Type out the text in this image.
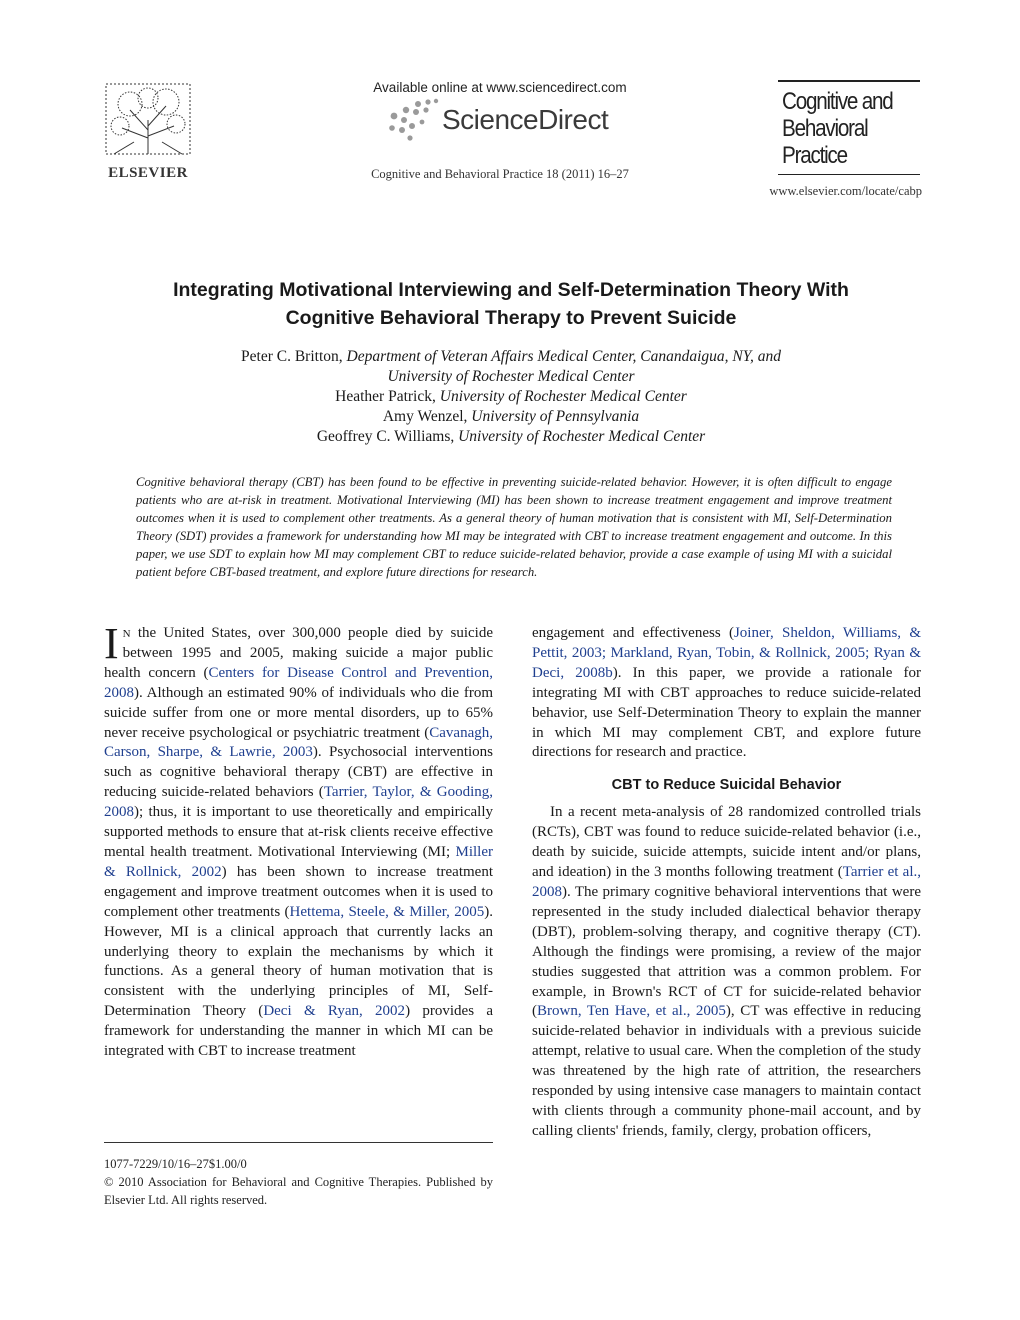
ELSEVIER
Available online at www.sciencedirect.com
ScienceDirect
Cognitive and Behavioral Practice 18 (2011) 16–27
Cognitive and
Behavioral
Practice
www.elsevier.com/locate/cabp
Integrating Motivational Interviewing and Self-Determination Theory With
Cognitive Behavioral Therapy to Prevent Suicide
Peter C. Britton, Department of Veteran Affairs Medical Center, Canandaigua, NY, and
University of Rochester Medical Center
Heather Patrick, University of Rochester Medical Center
Amy Wenzel, University of Pennsylvania
Geoffrey C. Williams, University of Rochester Medical Center
Cognitive behavioral therapy (CBT) has been found to be effective in preventing suicide-related behavior. However, it is often difficult to engage patients who are at-risk in treatment. Motivational Interviewing (MI) has been shown to increase treatment engagement and improve treatment outcomes when it is used to complement other treatments. As a general theory of human motivation that is consistent with MI, Self-Determination Theory (SDT) provides a framework for understanding how MI may be integrated with CBT to increase treatment engagement and outcome. In this paper, we use SDT to explain how MI may complement CBT to reduce suicide-related behavior, provide a case example of using MI with a suicidal patient before CBT-based treatment, and explore future directions for research.

In the United States, over 300,000 people died by suicide between 1995 and 2005, making suicide a major public health concern (Centers for Disease Control and Prevention, 2008). Although an estimated 90% of individuals who die from suicide suffer from one or more mental disorders, up to 65% never receive psychological or psychiatric treatment (Cavanagh, Carson, Sharpe, & Lawrie, 2003). Psychosocial interventions such as cognitive behavioral therapy (CBT) are effective in reducing suicide-related behaviors (Tarrier, Taylor, & Gooding, 2008); thus, it is important to use theoretically and empirically supported methods to ensure that at-risk clients receive effective mental health treatment. Motivational Interviewing (MI; Miller & Rollnick, 2002) has been shown to increase treatment engagement and improve treatment outcomes when it is used to complement other treatments (Hettema, Steele, & Miller, 2005). However, MI is a clinical approach that currently lacks an underlying theory to explain the mechanisms by which it functions. As a general theory of human motivation that is consistent with the underlying principles of MI, Self-Determination Theory (Deci & Ryan, 2002) provides a framework for understanding the manner in which MI can be integrated with CBT to increase treatment

engagement and effectiveness (Joiner, Sheldon, Williams, & Pettit, 2003; Markland, Ryan, Tobin, & Rollnick, 2005; Ryan & Deci, 2008b). In this paper, we provide a rationale for integrating MI with CBT approaches to reduce suicide-related behavior, use Self-Determination Theory to explain the manner in which MI may complement CBT, and explore future directions for research and practice.

CBT to Reduce Suicidal Behavior

In a recent meta-analysis of 28 randomized controlled trials (RCTs), CBT was found to reduce suicide-related behavior (i.e., death by suicide, suicide attempts, suicide intent and/or plans, and ideation) in the 3 months following treatment (Tarrier et al., 2008). The primary cognitive behavioral interventions that were represented in the study included dialectical behavior therapy (DBT), problem-solving therapy, and cognitive therapy (CT). Although the findings were promising, a review of the major studies suggested that attrition was a common problem. For example, in Brown's RCT of CT for suicide-related behavior (Brown, Ten Have, et al., 2005), CT was effective in reducing suicide-related behavior in individuals with a previous suicide attempt, relative to usual care. When the completion of the study was threatened by the high rate of attrition, the researchers responded by using intensive case managers to maintain contact with clients through a community phone-mail account, and by calling clients' friends, family, clergy, probation officers,

1077-7229/10/16–27$1.00/0
© 2010 Association for Behavioral and Cognitive Therapies. Published by Elsevier Ltd. All rights reserved.
